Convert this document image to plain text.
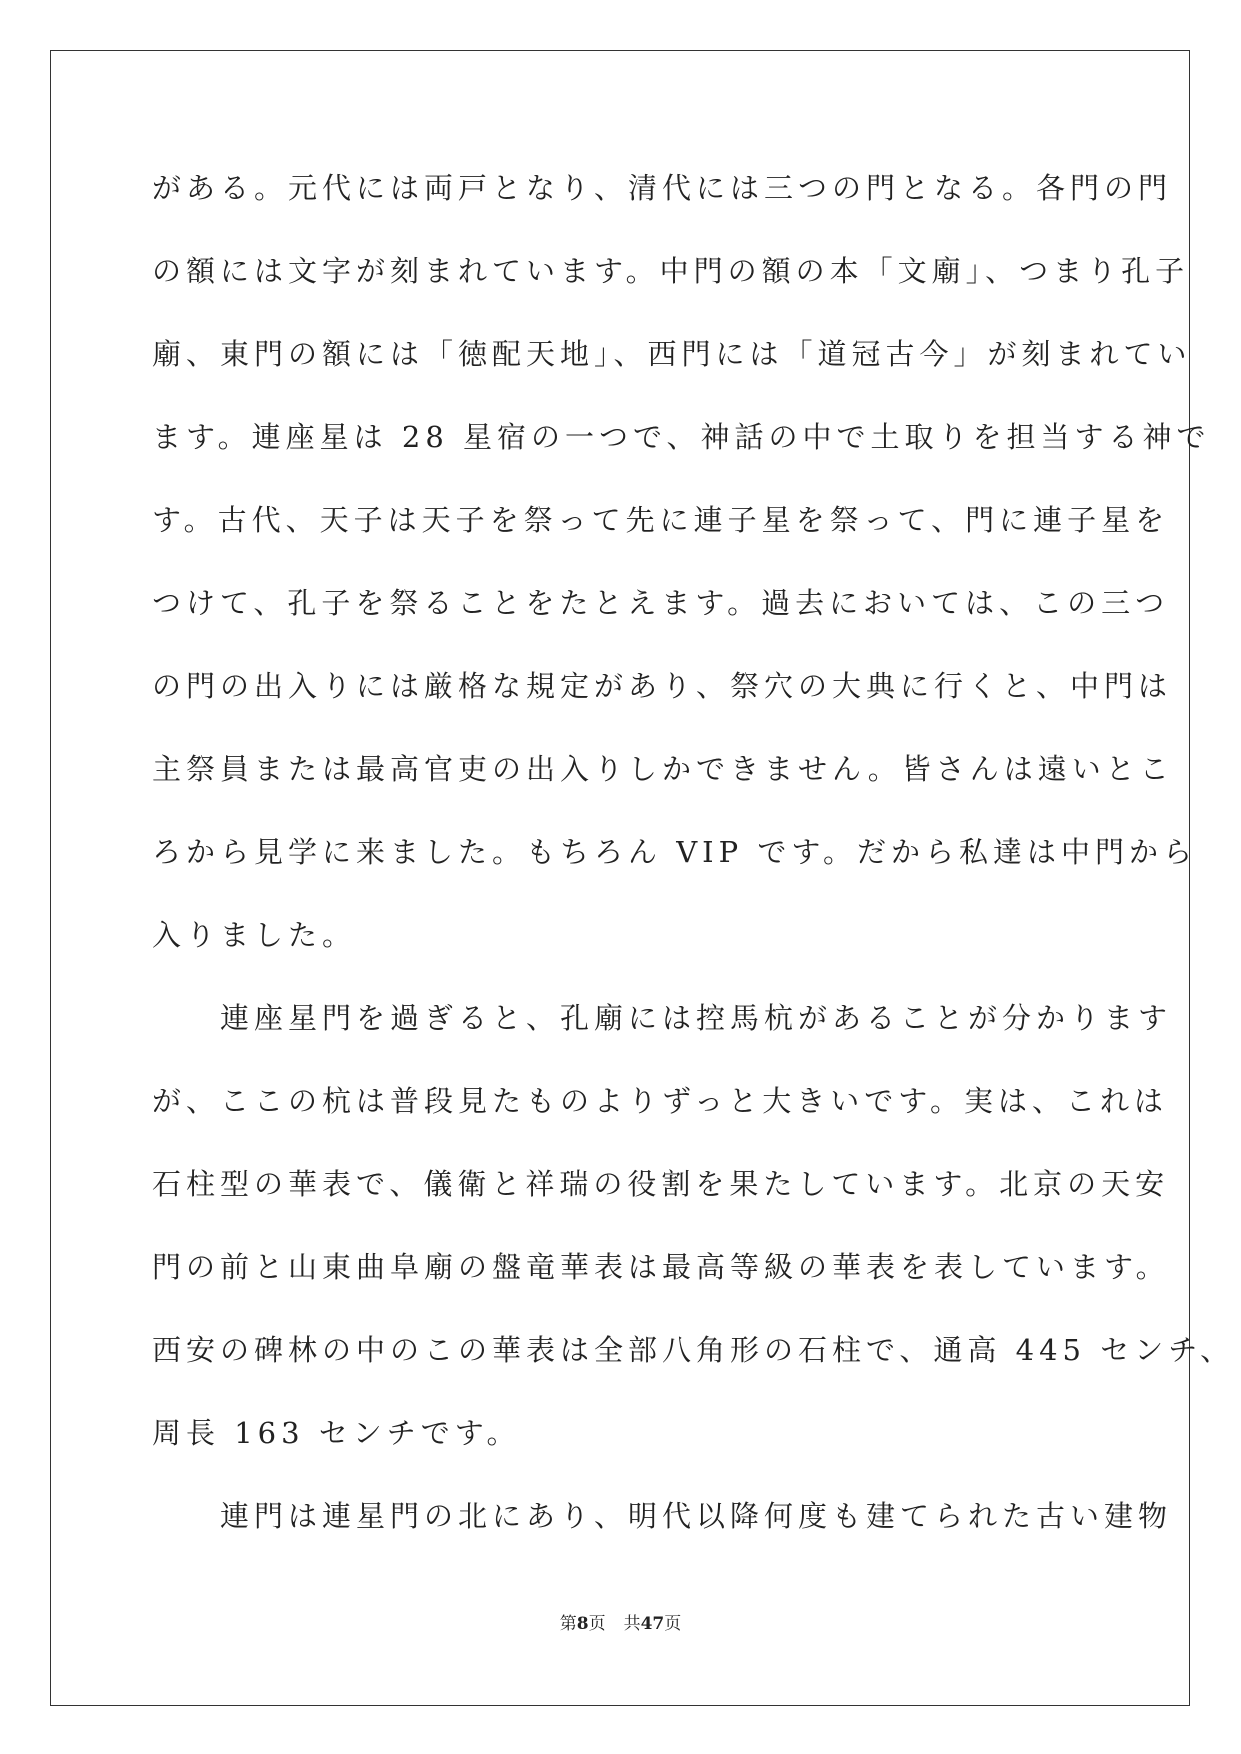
がある。元代には両戸となり、清代には三つの門となる。各門の門
の額には文字が刻まれています。中門の額の本「文廟」、つまり孔子
廟、東門の額には「徳配天地」、西門には「道冠古今」が刻まれてい
ます。連座星は 28 星宿の一つで、神話の中で土取りを担当する神で
す。古代、天子は天子を祭って先に連子星を祭って、門に連子星を
つけて、孔子を祭ることをたとえます。過去においては、この三つ
の門の出入りには厳格な規定があり、祭穴の大典に行くと、中門は
主祭員または最高官吏の出入りしかできません。皆さんは遠いとこ
ろから見学に来ました。もちろん VIP です。だから私達は中門から
入りました。
　　連座星門を過ぎると、孔廟には控馬杭があることが分かります
が、ここの杭は普段見たものよりずっと大きいです。実は、これは
石柱型の華表で、儀衛と祥瑞の役割を果たしています。北京の天安
門の前と山東曲阜廟の盤竜華表は最高等級の華表を表しています。
西安の碑林の中のこの華表は全部八角形の石柱で、通高 445 センチ、
周長 163 センチです。
　　連門は連星門の北にあり、明代以降何度も建てられた古い建物
第8页 共47页
